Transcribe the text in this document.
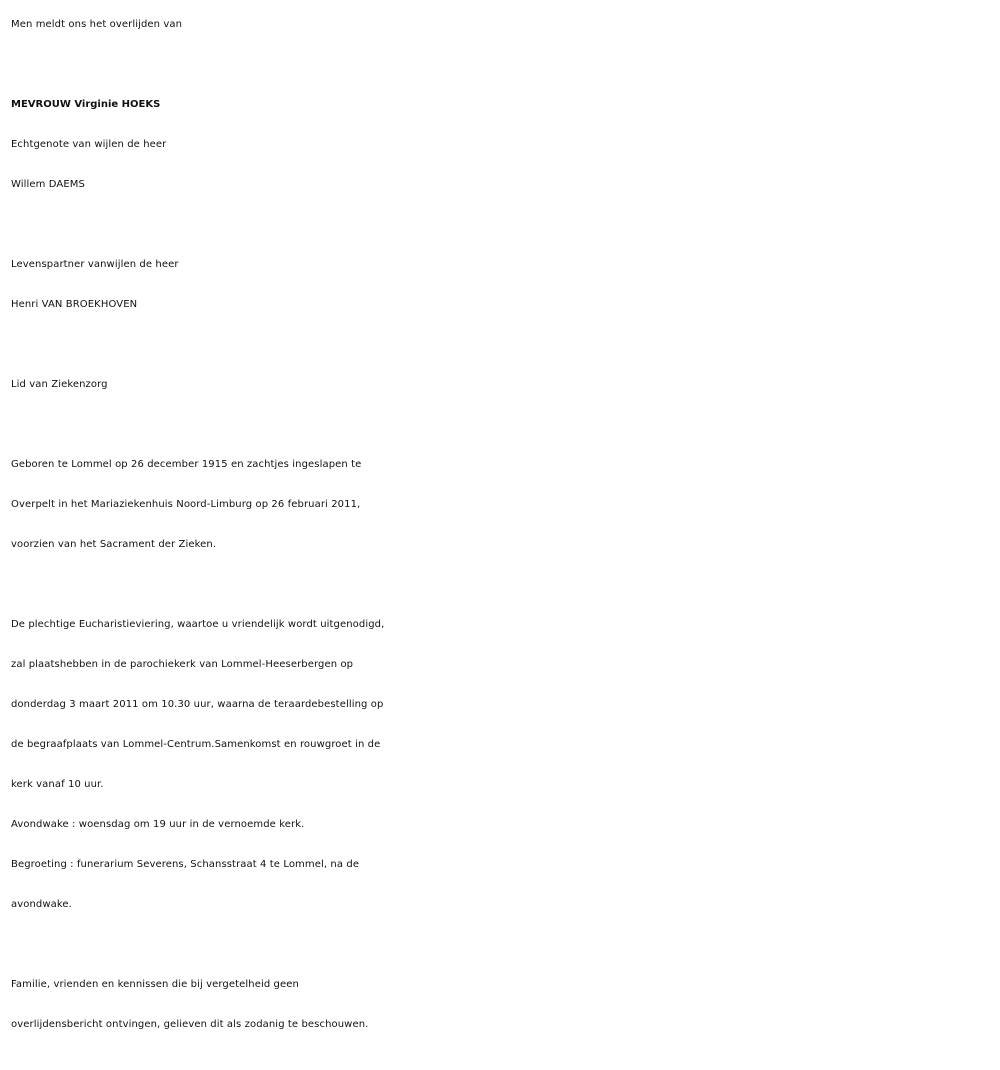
Men meldt ons het overlijden van
MEVROUW Virginie HOEKS
Echtgenote van wijlen de heer
Willem DAEMS
Levenspartner vanwijlen de heer
Henri VAN BROEKHOVEN
Lid van Ziekenzorg
Geboren te Lommel op 26 december 1915 en zachtjes ingeslapen te
Overpelt in het Mariaziekenhuis Noord-Limburg op 26 februari 2011,
voorzien van het Sacrament der Zieken.
De plechtige Eucharistieviering, waartoe u vriendelijk wordt uitgenodigd,
zal plaatshebben in de parochiekerk van Lommel-Heeserbergen op
donderdag 3 maart 2011 om 10.30 uur, waarna de teraardebestelling op
de begraafplaats van Lommel-Centrum.Samenkomst en rouwgroet in de
kerk vanaf 10 uur.
Avondwake : woensdag om 19 uur in de vernoemde kerk.
Begroeting : funerarium Severens, Schansstraat 4 te Lommel, na de
avondwake.
Familie, vrienden en kennissen die bij vergetelheid geen
overlijdensbericht ontvingen, gelieven dit als zodanig te beschouwen.
